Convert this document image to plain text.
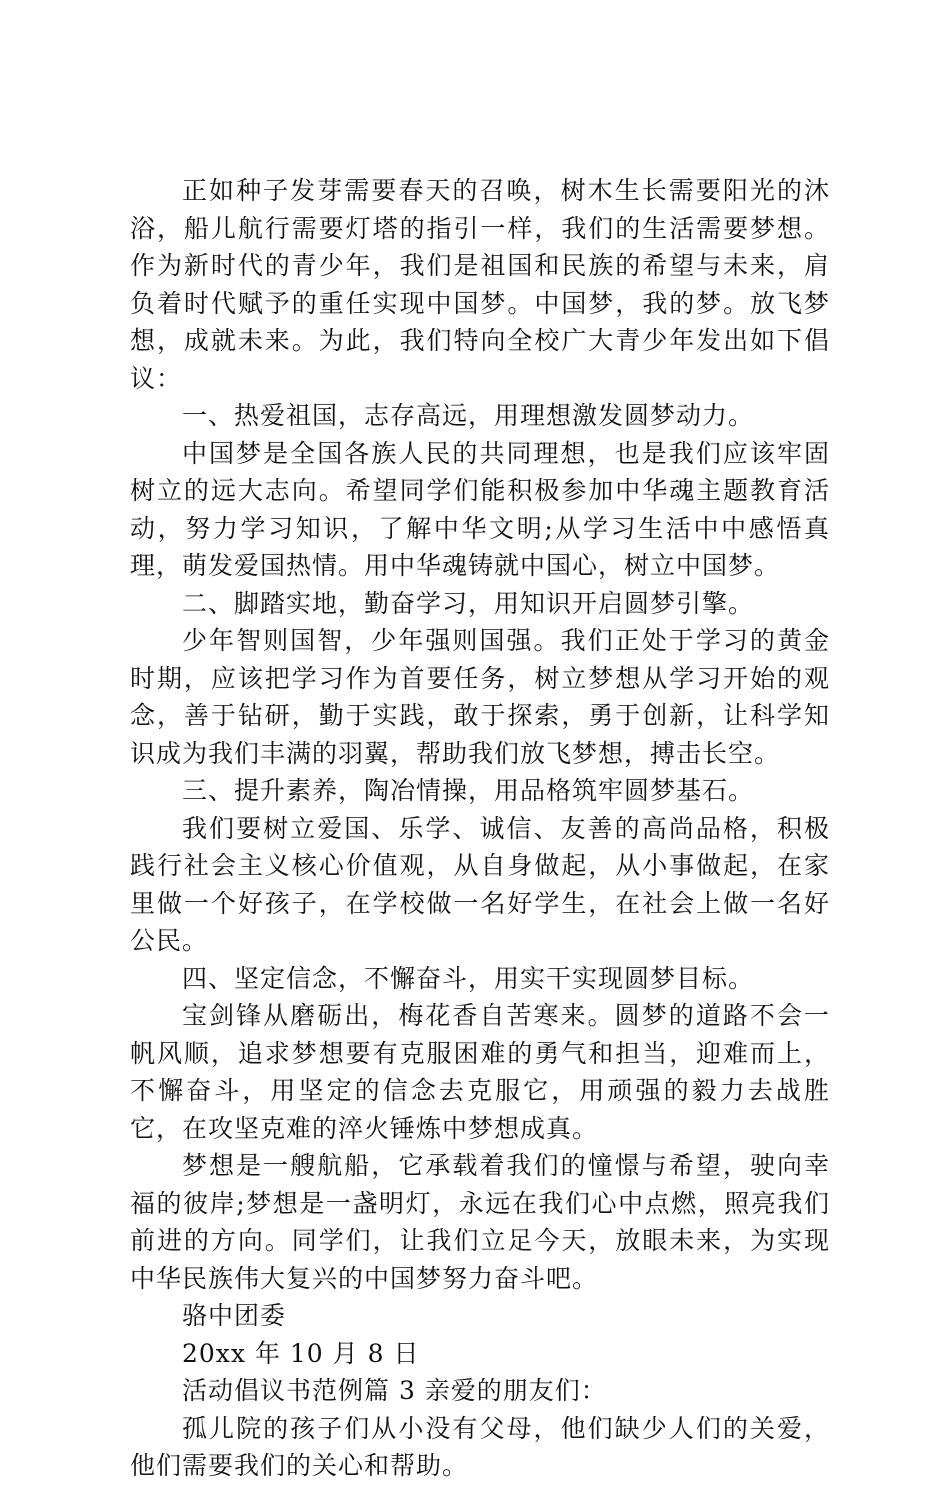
正如种子发芽需要春天的召唤，树木生长需要阳光的沐浴，船儿航行需要灯塔的指引一样，我们的生活需要梦想。作为新时代的青少年，我们是祖国和民族的希望与未来，肩负着时代赋予的重任实现中国梦。中国梦，我的梦。放飞梦想，成就未来。为此，我们特向全校广大青少年发出如下倡议：

一、热爱祖国，志存高远，用理想激发圆梦动力。

中国梦是全国各族人民的共同理想，也是我们应该牢固树立的远大志向。希望同学们能积极参加中华魂主题教育活动，努力学习知识，了解中华文明;从学习生活中中感悟真理，萌发爱国热情。用中华魂铸就中国心，树立中国梦。

二、脚踏实地，勤奋学习，用知识开启圆梦引擎。

少年智则国智，少年强则国强。我们正处于学习的黄金时期，应该把学习作为首要任务，树立梦想从学习开始的观念，善于钻研，勤于实践，敢于探索，勇于创新，让科学知识成为我们丰满的羽翼，帮助我们放飞梦想，搏击长空。

三、提升素养，陶冶情操，用品格筑牢圆梦基石。

我们要树立爱国、乐学、诚信、友善的高尚品格，积极践行社会主义核心价值观，从自身做起，从小事做起，在家里做一个好孩子，在学校做一名好学生，在社会上做一名好公民。

四、坚定信念，不懈奋斗，用实干实现圆梦目标。

宝剑锋从磨砺出，梅花香自苦寒来。圆梦的道路不会一帆风顺，追求梦想要有克服困难的勇气和担当，迎难而上，不懈奋斗，用坚定的信念去克服它，用顽强的毅力去战胜它，在攻坚克难的淬火锤炼中梦想成真。

梦想是一艘航船，它承载着我们的憧憬与希望，驶向幸福的彼岸;梦想是一盏明灯，永远在我们心中点燃，照亮我们前进的方向。同学们，让我们立足今天，放眼未来，为实现中华民族伟大复兴的中国梦努力奋斗吧。

骆中团委

20xx 年 10 月 8 日

活动倡议书范例篇 3 亲爱的朋友们：

孤儿院的孩子们从小没有父母，他们缺少人们的关爱，他们需要我们的关心和帮助。
